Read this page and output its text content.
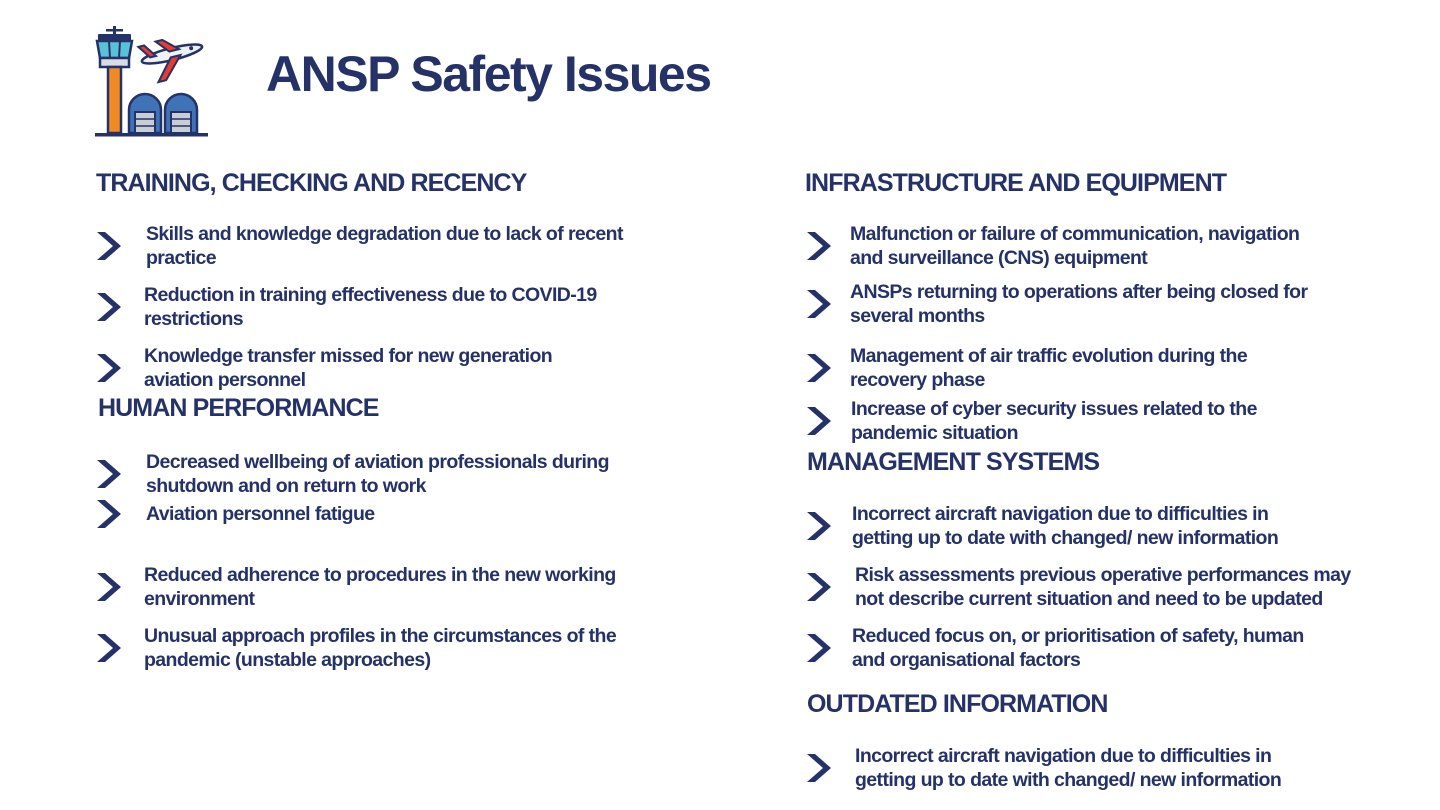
ANSP Safety Issues
TRAINING, CHECKING AND RECENCY
Skills and knowledge degradation due to lack of recent
practice
Reduction in training effectiveness due to COVID-19
restrictions
Knowledge transfer missed for new generation
aviation personnel
HUMAN PERFORMANCE
Decreased wellbeing of aviation professionals during
shutdown and on return to work
Aviation personnel fatigue
Reduced adherence to procedures in the new working
environment
Unusual approach profiles in the circumstances of the
pandemic (unstable approaches)
INFRASTRUCTURE AND EQUIPMENT
Malfunction or failure of communication, navigation
and surveillance (CNS) equipment
ANSPs returning to operations after being closed for
several months
Management of air traffic evolution during the
recovery phase
Increase of cyber security issues related to the
pandemic situation
MANAGEMENT SYSTEMS
Incorrect aircraft navigation due to difficulties in
getting up to date with changed/ new information
Risk assessments previous operative performances may
not describe current situation and need to be updated
Reduced focus on, or prioritisation of safety, human
and organisational factors
OUTDATED INFORMATION
Incorrect aircraft navigation due to difficulties in
getting up to date with changed/ new information
